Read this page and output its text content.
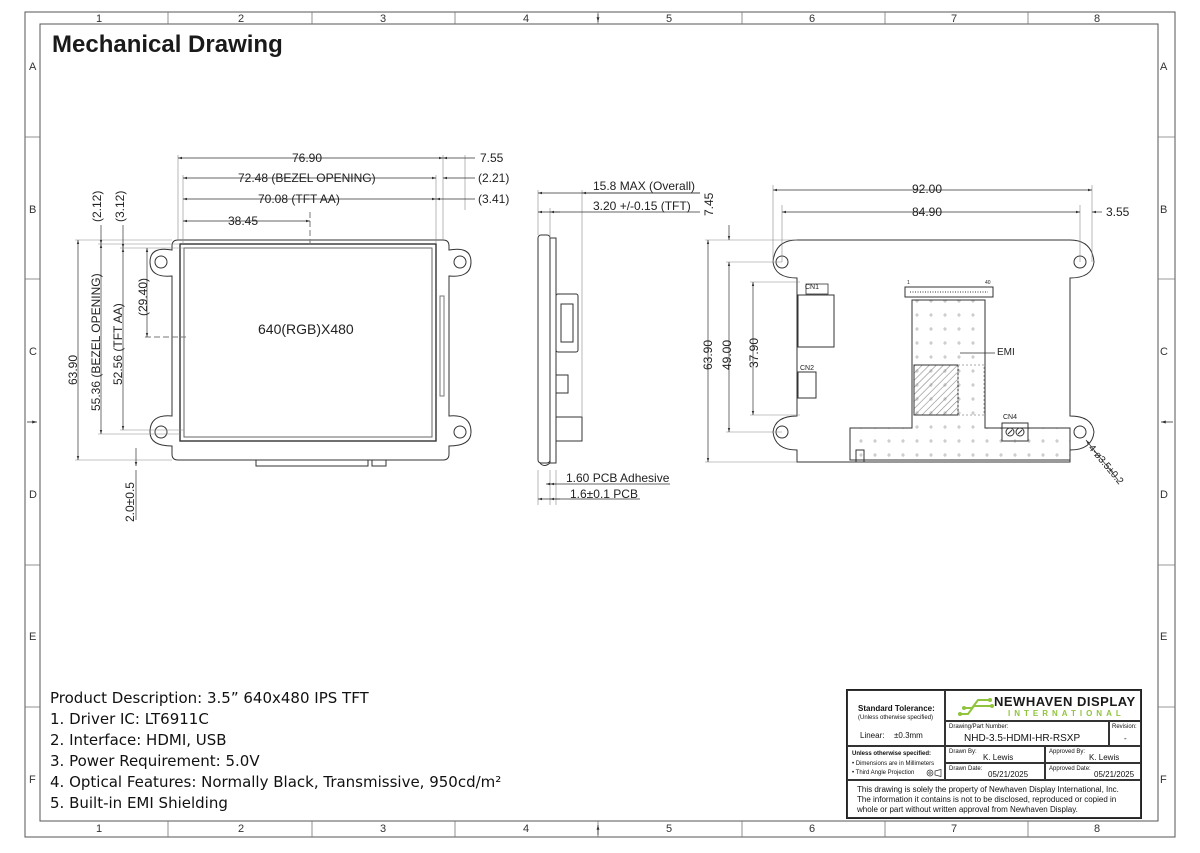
1	2	3	4	5	6	7	8
1	2	3	4	5	6	7	8
A
B
C
D
E
F
A
B
C
D
E
F
76.90
72.48 (BEZEL OPENING)
70.08 (TFT AA)
38.45
7.55
(2.21)
(3.41)
63.90 55.36 (BEZEL OPENING) 52.56 (TFT AA)
(29.40)
(2.12) (3.12)
2.0±0.5
640(RGB)X480
15.8 MAX (Overall)
3.20 +/-0.15 (TFT)
1.60 PCB Adhesive
1.6±0.1 PCB
92.00
84.90	3.55
7.45
63.90 49.00 37.90
4-ø3.5±0.2
CN1
CN2
CN4
EMI
1	40
Mechanical Drawing
Product Description: 3.5” 640x480 IPS TFT
1. Driver IC: LT6911C
2. Interface: HDMI, USB
3. Power Requirement: 5.0V
4. Optical Features: Normally Black, Transmissive, 950cd/m²
5. Built-in EMI Shielding
Standard Tolerance:
(Unless otherwise specified)
Linear: ±0.3mm
NEWHAVEN DISPLAY
INTERNATIONAL
Drawing/Part Number:
NHD-3.5-HDMI-HR-RSXP
Revision:
-
Unless otherwise specified:
• Dimensions are in Millimeters
• Third Angle Projection
Drawn By:
K. Lewis
Approved By:
K. Lewis
Drawn Date:
05/21/2025
Approved Date:
05/21/2025
This drawing is solely the property of Newhaven Display International, Inc.
The information it contains is not to be disclosed, reproduced or copied in
whole or part without written approval from Newhaven Display.
